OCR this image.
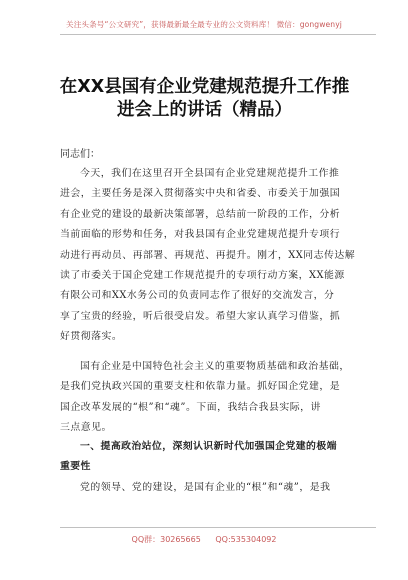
关注头条号“公文研究”，获得最新最全最专业的公文资料库！ 微信：gongwenyj
在XX县国有企业党建规范提升工作推
进会上的讲话（精品）
同志们：
今天，我们在这里召开全县国有企业党建规范提升工作推
进会，主要任务是深入贯彻落实中央和省委、市委关于加强国
有企业党的建设的最新决策部署，总结前一阶段的工作，分析
当前面临的形势和任务，对我县国有企业党建规范提升专项行
动进行再动员、再部署、再规范、再提升。刚才，XX同志传达解
读了市委关于国企党建工作规范提升的专项行动方案，XX能源
有限公司和XX水务公司的负责同志作了很好的交流发言，分
享了宝贵的经验，听后很受启发。希望大家认真学习借鉴，抓
好贯彻落实。
国有企业是中国特色社会主义的重要物质基础和政治基础，
是我们党执政兴国的重要支柱和依靠力量。抓好国企党建，是
国企改革发展的“根”和“魂”。下面，我结合我县实际，讲
三点意见。
一、提高政治站位，深刻认识新时代加强国企党建的极端
重要性
党的领导、党的建设，是国有企业的“根”和“魂”，是我
QQ群：30265665 QQ:535304092
